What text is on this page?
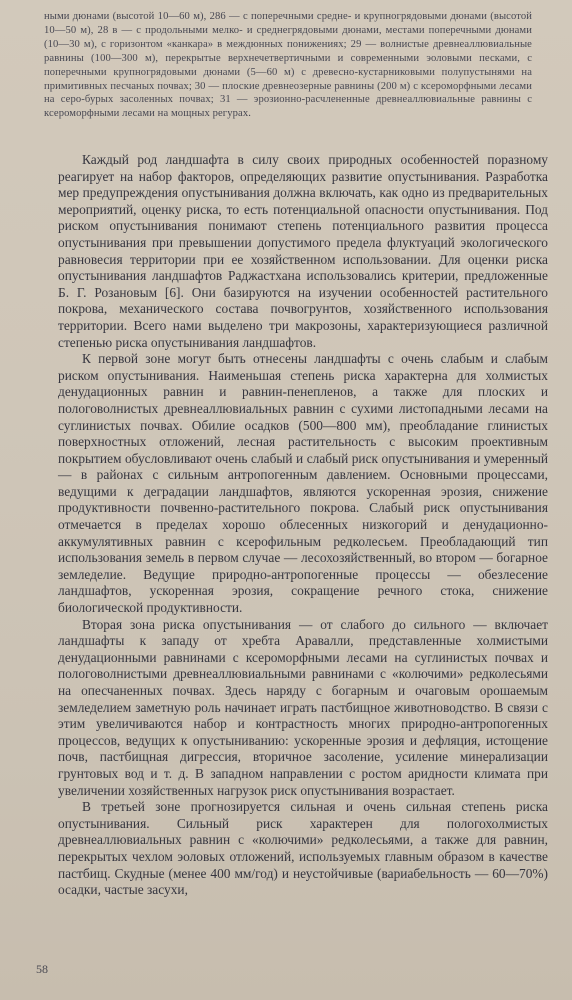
ными дюнами (высотой 10—60 м), 286 — с поперечными средне- и крупногрядовыми дюнами (высотой 10—50 м), 28 в — с продольными мелко- и среднегрядовыми дюнами, местами поперечными дюнами (10—30 м), с горизонтом «канкара» в междюнных понижениях; 29 — волнистые древнеаллювиальные равнины (100—300 м), перекрытые верхнечетвертичными и современными эоловыми песками, с поперечными крупногрядовыми дюнами (5—60 м) с древесно-кустарниковыми полупустынями на примитивных песчаных почвах; 30 — плоские древнеозерные равнины (200 м) с ксероморфными лесами на серо-бурых засоленных почвах; 31 — эрозионно-расчлененные древнеаллювиальные равнины с ксероморфными лесами на мощных регурах.

Каждый род ландшафта в силу своих природных особенностей поразному реагирует на набор факторов, определяющих развитие опустынивания. Разработка мер предупреждения опустынивания должна включать, как одно из предварительных мероприятий, оценку риска, то есть потенциальной опасности опустынивания. Под риском опустынивания понимают степень потенциального развития процесса опустынивания при превышении допустимого предела флуктуаций экологического равновесия территории при ее хозяйственном использовании. Для оценки риска опустынивания ландшафтов Раджастхана использовались критерии, предложенные Б. Г. Розановым [6]. Они базируются на изучении особенностей растительного покрова, механического состава почвогрунтов, хозяйственного использования территории. Всего нами выделено три макрозоны, характеризующиеся различной степенью риска опустынивания ландшафтов.

К первой зоне могут быть отнесены ландшафты с очень слабым и слабым риском опустынивания. Наименьшая степень риска характерна для холмистых денудационных равнин и равнин-пенепленов, а также для плоских и пологоволнистых древнеаллювиальных равнин с сухими листопадными лесами на суглинистых почвах. Обилие осадков (500—800 мм), преобладание глинистых поверхностных отложений, лесная растительность с высоким проективным покрытием обусловливают очень слабый и слабый риск опустынивания и умеренный — в районах с сильным антропогенным давлением. Основными процессами, ведущими к деградации ландшафтов, являются ускоренная эрозия, снижение продуктивности почвенно-растительного покрова. Слабый риск опустынивания отмечается в пределах хорошо облесенных низкогорий и денудационно-аккумулятивных равнин с ксерофильным редколесьем. Преобладающий тип использования земель в первом случае — лесохозяйственный, во втором — богарное земледелие. Ведущие природно-антропогенные процессы — обезлесение ландшафтов, ускоренная эрозия, сокращение речного стока, снижение биологической продуктивности.

Вторая зона риска опустынивания — от слабого до сильного — включает ландшафты к западу от хребта Аравалли, представленные холмистыми денудационными равнинами с ксероморфными лесами на суглинистых почвах и пологоволнистыми древнеаллювиальными равнинами с «колючими» редколесьями на опесчаненных почвах. Здесь наряду с богарным и очаговым орошаемым земледелием заметную роль начинает играть пастбищное животноводство. В связи с этим увеличиваются набор и контрастность многих природно-антропогенных процессов, ведущих к опустыниванию: ускоренные эрозия и дефляция, истощение почв, пастбищная дигрессия, вторичное засоление, усиление минерализации грунтовых вод и т. д. В западном направлении с ростом аридности климата при увеличении хозяйственных нагрузок риск опустынивания возрастает.

В третьей зоне прогнозируется сильная и очень сильная степень риска опустынивания. Сильный риск характерен для пологохолмистых древнеаллювиальных равнин с «колючими» редколесьями, а также для равнин, перекрытых чехлом эоловых отложений, используемых главным образом в качестве пастбищ. Скудные (менее 400 мм/год) и неустойчивые (вариабельность — 60—70%) осадки, частые засухи,

58
